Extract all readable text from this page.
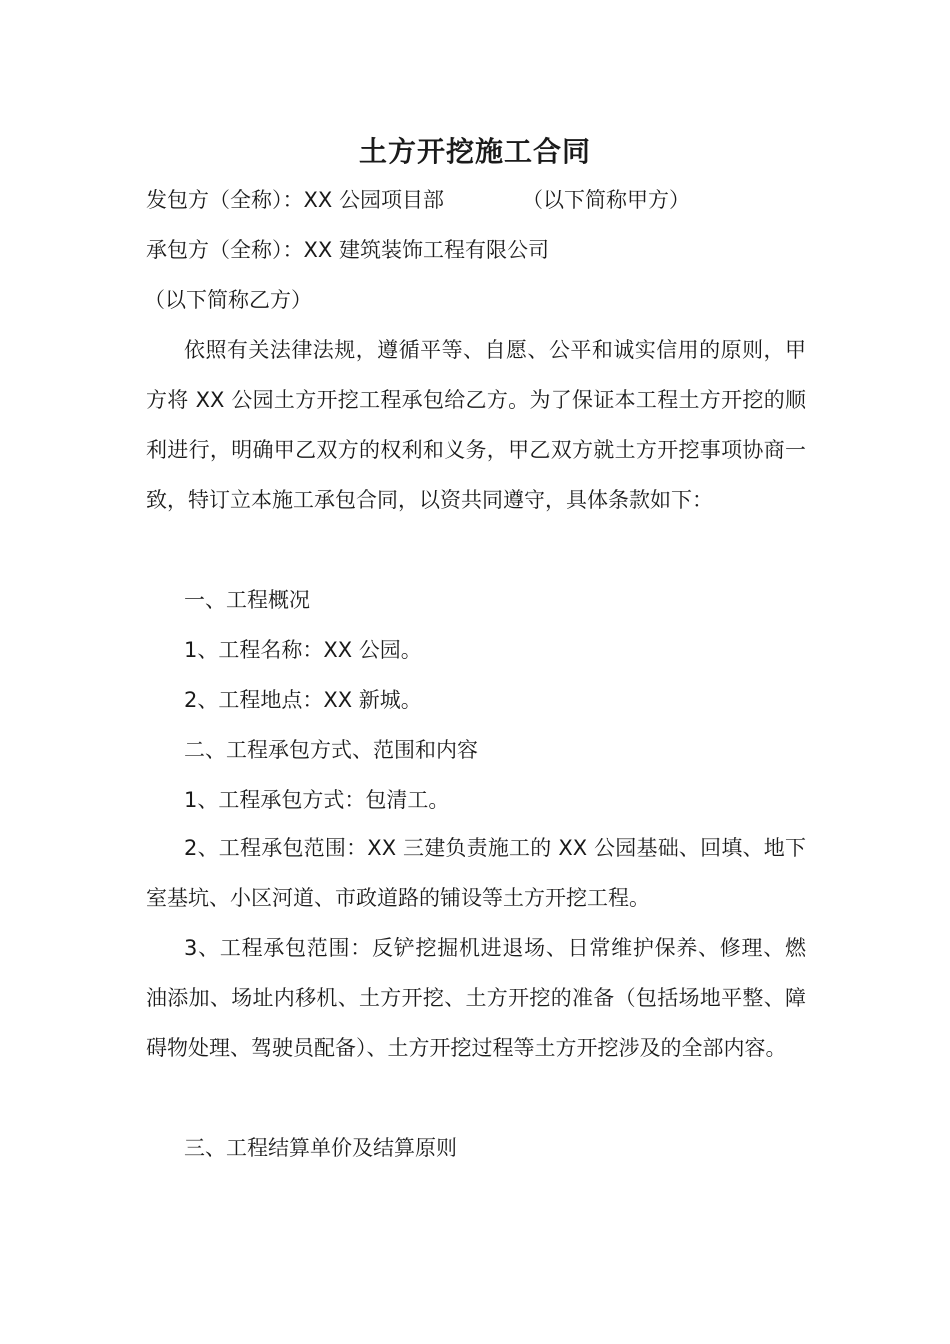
土方开挖施工合同
发包方（全称）：XX 公园项目部	（以下简称甲方）
承包方（全称）：XX 建筑装饰工程有限公司
（以下简称乙方）
依照有关法律法规，遵循平等、自愿、公平和诚实信用的原则，甲方将 XX 公园土方开挖工程承包给乙方。为了保证本工程土方开挖的顺利进行，明确甲乙双方的权利和义务，甲乙双方就土方开挖事项协商一致，特订立本施工承包合同，以资共同遵守，具体条款如下：
一、工程概况
1、工程名称：XX 公园。
2、工程地点：XX 新城。
二、工程承包方式、范围和内容
1、工程承包方式：包清工。
2、工程承包范围：XX 三建负责施工的 XX 公园基础、回填、地下室基坑、小区河道、市政道路的铺设等土方开挖工程。
3、工程承包范围：反铲挖掘机进退场、日常维护保养、修理、燃油添加、场址内移机、土方开挖、土方开挖的准备（包括场地平整、障碍物处理、驾驶员配备）、土方开挖过程等土方开挖涉及的全部内容。
三、工程结算单价及结算原则
